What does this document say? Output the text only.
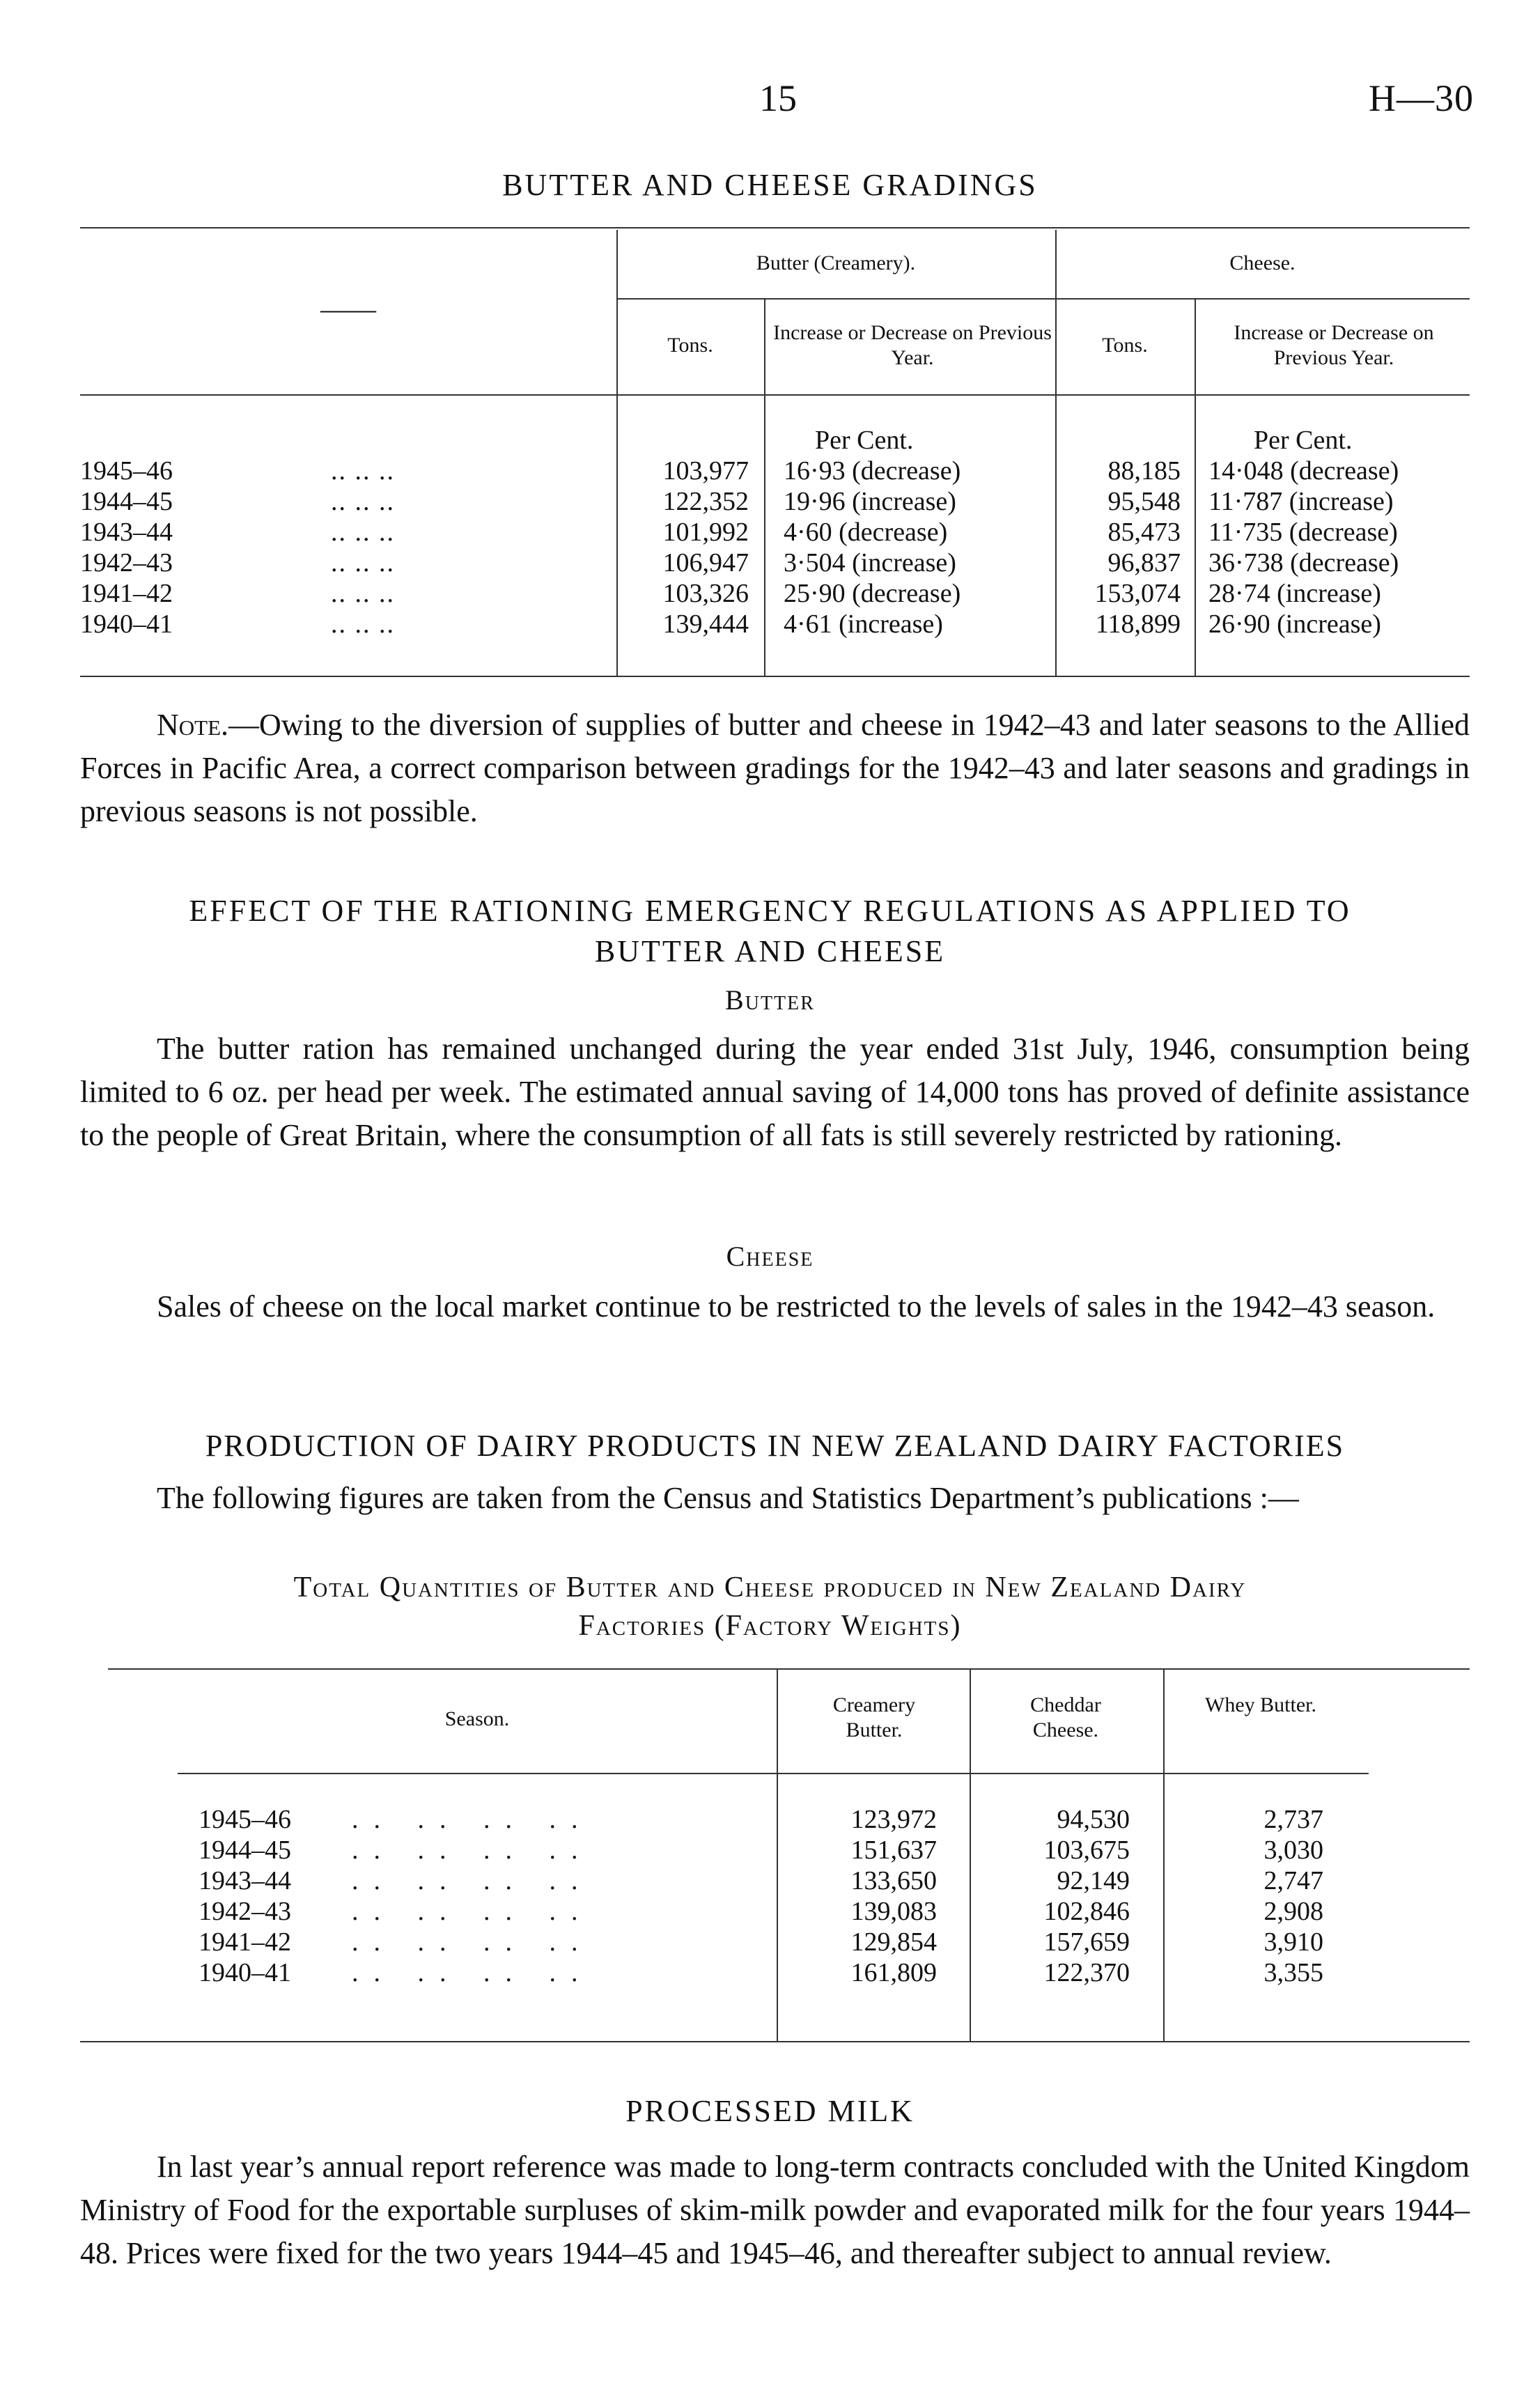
15	H—30
BUTTER AND CHEESE GRADINGS
——
Butter (Creamery).	Cheese.
Tons.
Increase or Decrease on Previous Year.
Tons.
Increase or Decrease on Previous Year.
Per Cent.	Per Cent.
1945–46	.. .. ..	103,977 16·93 (decrease)	88,185 14·048 (decrease)
1944–45	.. .. ..	122,352 19·96 (increase)	95,548 11·787 (increase)
1943–44	.. .. ..	101,992 4·60 (decrease)	85,473 11·735 (decrease)
1942–43	.. .. ..	106,947 3·504 (increase)	96,837 36·738 (decrease)
1941–42	.. .. ..	103,326 25·90 (decrease)	153,074 28·74 (increase)
1940–41	.. .. ..	139,444 4·61 (increase)	118,899 26·90 (increase)
Note.—Owing to the diversion of supplies of butter and cheese in 1942–43 and later seasons to the Allied Forces in Pacific Area, a correct comparison between gradings for the 1942–43 and later seasons and gradings in previous seasons is not possible.
EFFECT OF THE RATIONING EMERGENCY REGULATIONS AS APPLIED TO
BUTTER AND CHEESE
Butter
The butter ration has remained unchanged during the year ended 31st July, 1946, consumption being limited to 6 oz. per head per week. The estimated annual saving of 14,000 tons has proved of definite assistance to the people of Great Britain, where the consumption of all fats is still severely restricted by rationing.
Cheese
Sales of cheese on the local market continue to be restricted to the levels of sales in the 1942–43 season.
PRODUCTION OF DAIRY PRODUCTS IN NEW ZEALAND DAIRY FACTORIES
The following figures are taken from the Census and Statistics Department’s publications :—
Total Quantities of Butter and Cheese produced in New Zealand Dairy
Factories (Factory Weights)
Season.
Creamery Butter.
Cheddar Cheese.
Whey Butter.
1945–46 .. .. .. ..	123,972	94,530	2,737
1944–45 .. .. .. ..	151,637	103,675	3,030
1943–44 .. .. .. ..	133,650	92,149	2,747
1942–43 .. .. .. ..	139,083	102,846	2,908
1941–42 .. .. .. ..	129,854	157,659	3,910
1940–41 .. .. .. ..	161,809	122,370	3,355
PROCESSED MILK
In last year’s annual report reference was made to long-term contracts concluded with the United Kingdom Ministry of Food for the exportable surpluses of skim-milk powder and evaporated milk for the four years 1944–48. Prices were fixed for the two years 1944–45 and 1945–46, and thereafter subject to annual review.
